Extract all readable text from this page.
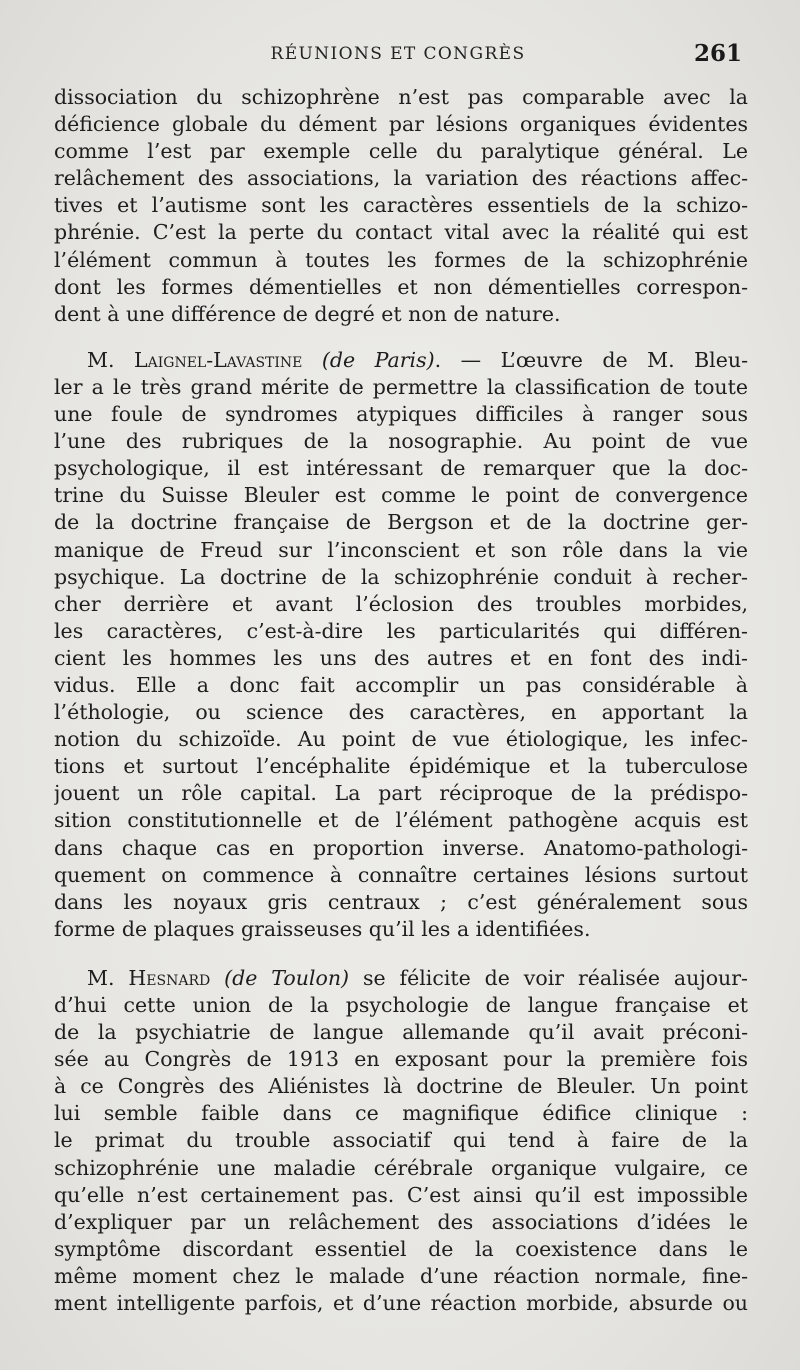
RÉUNIONS ET CONGRÈS	261
dissociation du schizophrène n’est pas comparable avec la
déficience globale du dément par lésions organiques évidentes
comme l’est par exemple celle du paralytique général. Le
relâchement des associations, la variation des réactions affec-
tives et l’autisme sont les caractères essentiels de la schizo-
phrénie. C’est la perte du contact vital avec la réalité qui est
l’élément commun à toutes les formes de la schizophrénie
dont les formes démentielles et non démentielles correspon-
dent à une différence de degré et non de nature.
M. Laignel-Lavastine (de Paris). — L’œuvre de M. Bleu-
ler a le très grand mérite de permettre la classification de toute
une foule de syndromes atypiques difficiles à ranger sous
l’une des rubriques de la nosographie. Au point de vue
psychologique, il est intéressant de remarquer que la doc-
trine du Suisse Bleuler est comme le point de convergence
de la doctrine française de Bergson et de la doctrine ger-
manique de Freud sur l’inconscient et son rôle dans la vie
psychique. La doctrine de la schizophrénie conduit à recher-
cher derrière et avant l’éclosion des troubles morbides,
les caractères, c’est-à-dire les particularités qui différen-
cient les hommes les uns des autres et en font des indi-
vidus. Elle a donc fait accomplir un pas considérable à
l’éthologie, ou science des caractères, en apportant la
notion du schizoïde. Au point de vue étiologique, les infec-
tions et surtout l’encéphalite épidémique et la tuberculose
jouent un rôle capital. La part réciproque de la prédispo-
sition constitutionnelle et de l’élément pathogène acquis est
dans chaque cas en proportion inverse. Anatomo-pathologi-
quement on commence à connaître certaines lésions surtout
dans les noyaux gris centraux ; c’est généralement sous
forme de plaques graisseuses qu’il les a identifiées.
M. Hesnard (de Toulon) se félicite de voir réalisée aujour-
d’hui cette union de la psychologie de langue française et
de la psychiatrie de langue allemande qu’il avait préconi-
sée au Congrès de 1913 en exposant pour la première fois
à ce Congrès des Aliénistes là doctrine de Bleuler. Un point
lui semble faible dans ce magnifique édifice clinique :
le primat du trouble associatif qui tend à faire de la
schizophrénie une maladie cérébrale organique vulgaire, ce
qu’elle n’est certainement pas. C’est ainsi qu’il est impossible
d’expliquer par un relâchement des associations d’idées le
symptôme discordant essentiel de la coexistence dans le
même moment chez le malade d’une réaction normale, fine-
ment intelligente parfois, et d’une réaction morbide, absurde ou
